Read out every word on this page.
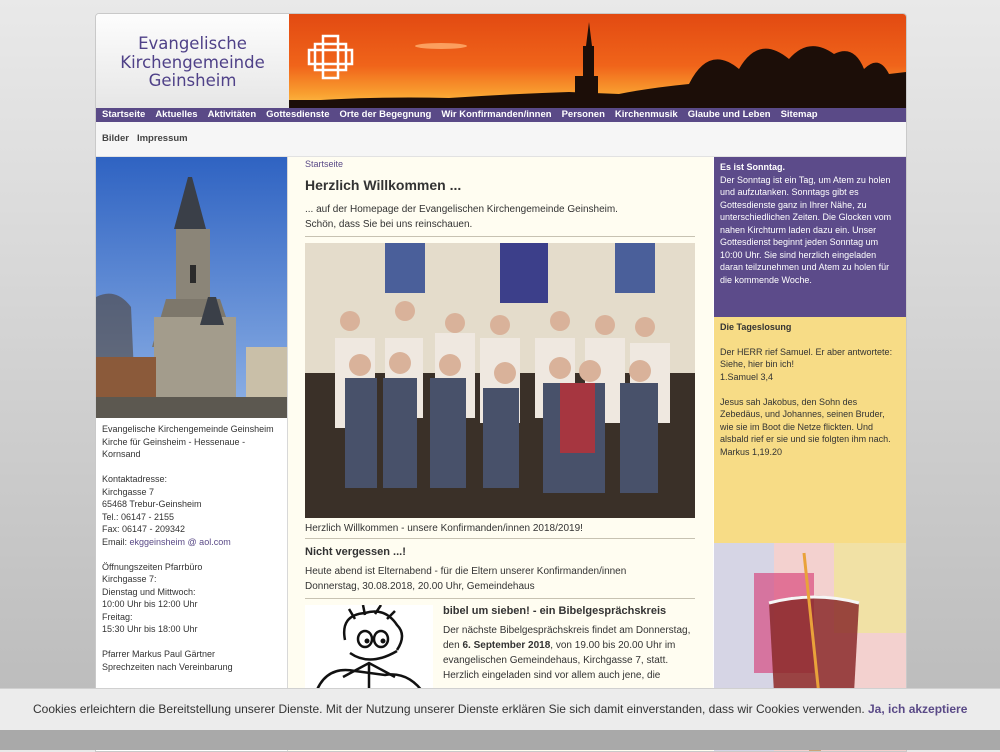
Evangelische
Kirchengemeinde
Geinsheim
Startseite Aktuelles Aktivitäten Gottesdienste Orte der Begegnung Wir Konfirmanden/innen Personen Kirchenmusik Glaube und Leben Sitemap
Bilder Impressum

Evangelische Kirchengemeinde Geinsheim
Kirche für Geinsheim - Hessenaue - Kornsand

Kontaktadresse:
Kirchgasse 7
65468 Trebur-Geinsheim
Tel.: 06147 - 2155
Fax: 06147 - 209342
Email: ekggeinsheim @ aol.com

Öffnungszeiten Pfarrbüro
Kirchgasse 7:
Dienstag und Mittwoch:
10:00 Uhr bis 12:00 Uhr
Freitag:
15:30 Uhr bis 18:00 Uhr

Pfarrer Markus Paul Gärtner
Sprechzeiten nach Vereinbarung

Startseite
Herzlich Willkommen ...

... auf der Homepage der Evangelischen Kirchengemeinde Geinsheim.
Schön, dass Sie bei uns reinschauen.

Herzlich Willkommen - unsere Konfirmanden/innen 2018/2019!
Nicht vergessen ...!

Heute abend ist Elternabend - für die Eltern unserer Konfirmanden/innen
Donnerstag, 30.08.2018, 20.00 Uhr, Gemeindehaus

bibel um sieben! - ein Bibelgesprächskreis

Der nächste Bibelgesprächskreis findet am Donnerstag, den 6. September 2018, von 19.00 bis 20.00 Uhr im evangelischen Gemeindehaus, Kirchgasse 7, statt. Herzlich eingeladen sind vor allem auch jene, die

Es ist Sonntag.
Der Sonntag ist ein Tag, um Atem zu holen und aufzutanken. Sonntags gibt es Gottesdienste ganz in Ihrer Nähe, zu unterschiedlichen Zeiten. Die Glocken vom nahen Kirchturm laden dazu ein. Unser Gottesdienst beginnt jeden Sonntag um 10:00 Uhr. Sie sind herzlich eingeladen daran teilzunehmen und Atem zu holen für die kommende Woche.
Die Tageslosung

Der HERR rief Samuel. Er aber antwortete: Siehe, hier bin ich!
1.Samuel 3,4

Jesus sah Jakobus, den Sohn des Zebedäus, und Johannes, seinen Bruder, wie sie im Boot die Netze flickten. Und alsbald rief er sie und sie folgten ihm nach.
Markus 1,19.20

Cookies erleichtern die Bereitstellung unserer Dienste. Mit der Nutzung unserer Dienste erklären Sie sich damit einverstanden, dass wir Cookies verwenden. Ja, ich akzeptiere
